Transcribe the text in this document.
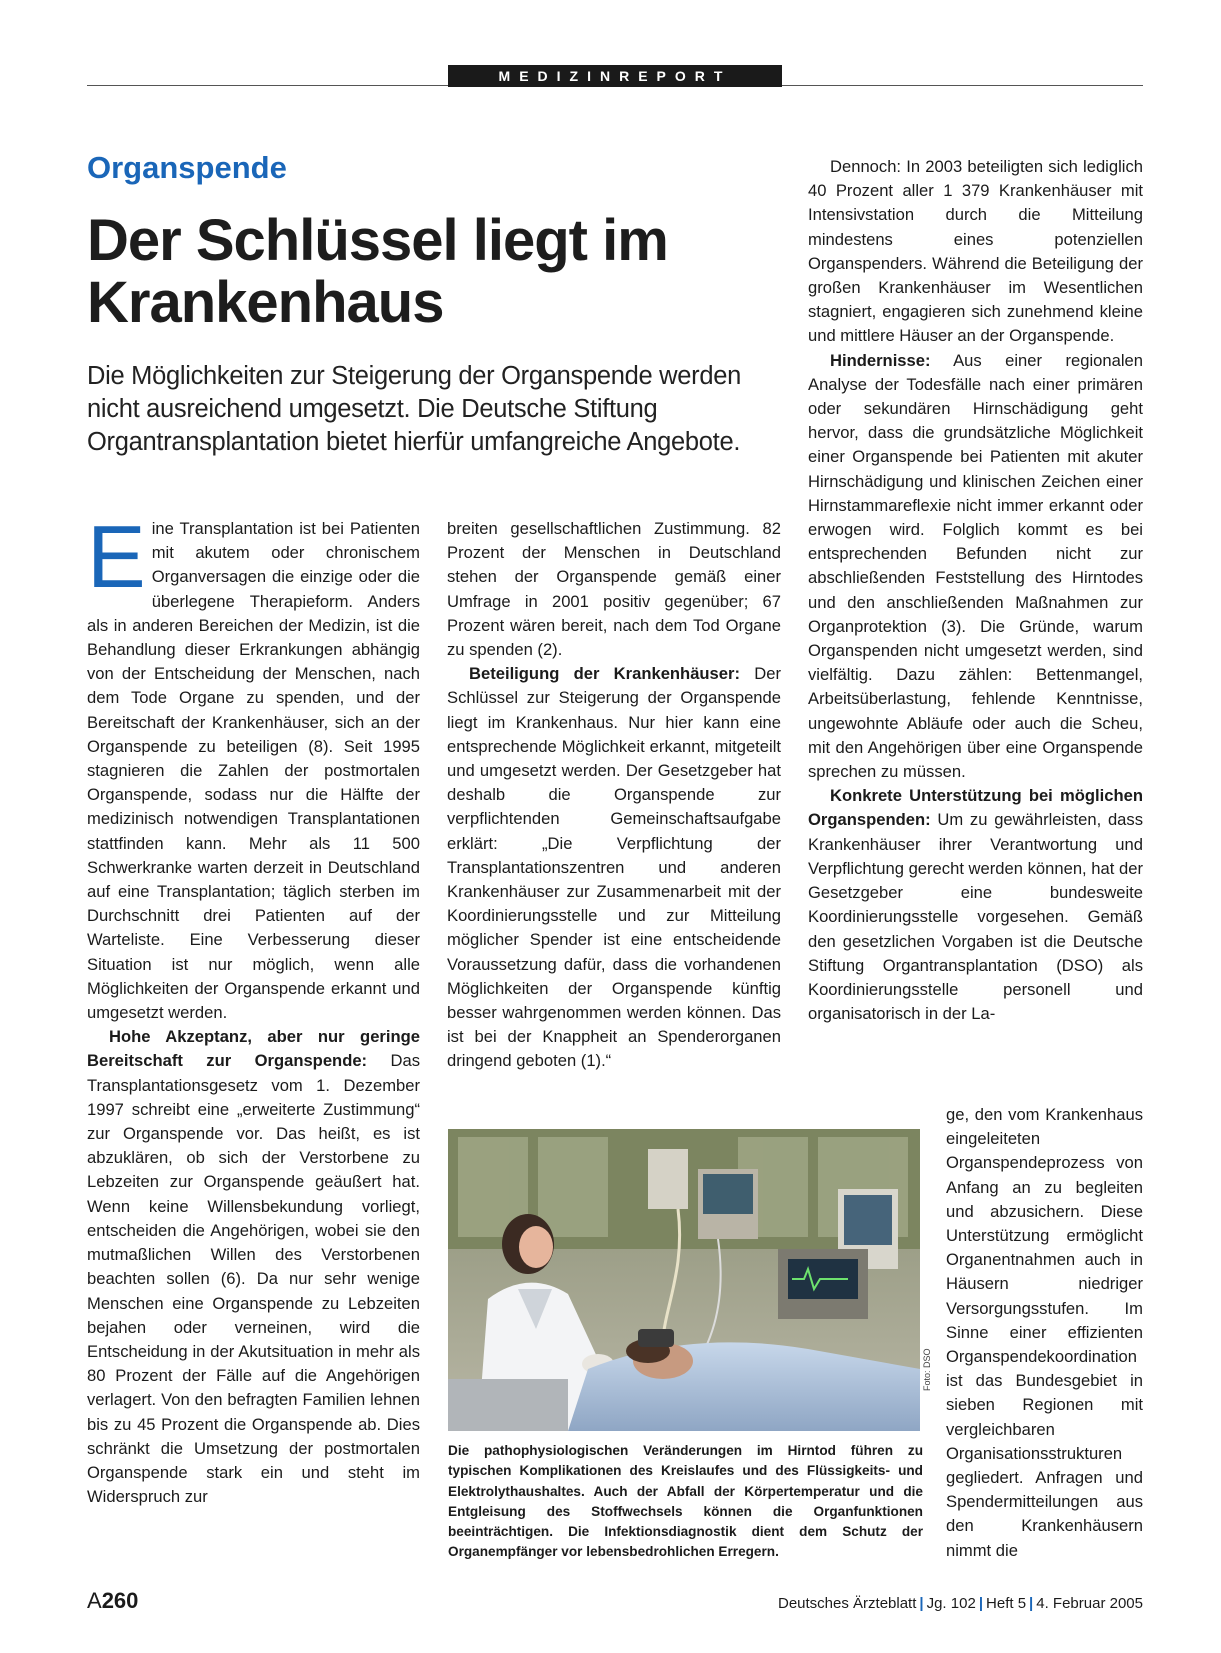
MEDIZINREPORT
Organspende
Der Schlüssel liegt im Krankenhaus
Die Möglichkeiten zur Steigerung der Organspende werden nicht ausreichend umgesetzt. Die Deutsche Stiftung Organtransplantation bietet hierfür umfangreiche Angebote.

Eine Transplantation ist bei Patienten mit akutem oder chronischem Organversagen die einzige oder die überlegene Therapieform. Anders als in anderen Bereichen der Medizin, ist die Behandlung dieser Erkrankungen abhängig von der Entscheidung der Menschen, nach dem Tode Organe zu spenden, und der Bereitschaft der Krankenhäuser, sich an der Organspende zu beteiligen (8). Seit 1995 stagnieren die Zahlen der postmortalen Organspende, sodass nur die Hälfte der medizinisch notwendigen Transplantationen stattfinden kann. Mehr als 11 500 Schwerkranke warten derzeit in Deutschland auf eine Transplantation; täglich sterben im Durchschnitt drei Patienten auf der Warteliste. Eine Verbesserung dieser Situation ist nur möglich, wenn alle Möglichkeiten der Organspende erkannt und umgesetzt werden.

Hohe Akzeptanz, aber nur geringe Bereitschaft zur Organspende: Das Transplantationsgesetz vom 1. Dezember 1997 schreibt eine „erweiterte Zustimmung“ zur Organspende vor. Das heißt, es ist abzuklären, ob sich der Verstorbene zu Lebzeiten zur Organspende geäußert hat. Wenn keine Willensbekundung vorliegt, entscheiden die Angehörigen, wobei sie den mutmaßlichen Willen des Verstorbenen beachten sollen (6). Da nur sehr wenige Menschen eine Organspende zu Lebzeiten bejahen oder verneinen, wird die Entscheidung in der Akutsituation in mehr als 80 Prozent der Fälle auf die Angehörigen verlagert. Von den befragten Familien lehnen bis zu 45 Prozent die Organspende ab. Dies schränkt die Umsetzung der postmortalen Organspende stark ein und steht im Widerspruch zur

breiten gesellschaftlichen Zustimmung. 82 Prozent der Menschen in Deutschland stehen der Organspende gemäß einer Umfrage in 2001 positiv gegenüber; 67 Prozent wären bereit, nach dem Tod Organe zu spenden (2).

Beteiligung der Krankenhäuser: Der Schlüssel zur Steigerung der Organspende liegt im Krankenhaus. Nur hier kann eine entsprechende Möglichkeit erkannt, mitgeteilt und umgesetzt werden. Der Gesetzgeber hat deshalb die Organspende zur verpflichtenden Gemeinschaftsaufgabe erklärt: „Die Verpflichtung der Transplantationszentren und anderen Krankenhäuser zur Zusammenarbeit mit der Koordinierungsstelle und zur Mitteilung möglicher Spender ist eine entscheidende Voraussetzung dafür, dass die vorhandenen Möglichkeiten der Organspende künftig besser wahrgenommen werden können. Das ist bei der Knappheit an Spenderorganen dringend geboten (1).“

Dennoch: In 2003 beteiligten sich lediglich 40 Prozent aller 1 379 Krankenhäuser mit Intensivstation durch die Mitteilung mindestens eines potenziellen Organspenders. Während die Beteiligung der großen Krankenhäuser im Wesentlichen stagniert, engagieren sich zunehmend kleine und mittlere Häuser an der Organspende.

Hindernisse: Aus einer regionalen Analyse der Todesfälle nach einer primären oder sekundären Hirnschädigung geht hervor, dass die grundsätzliche Möglichkeit einer Organspende bei Patienten mit akuter Hirnschädigung und klinischen Zeichen einer Hirnstammareflexie nicht immer erkannt oder erwogen wird. Folglich kommt es bei entsprechenden Befunden nicht zur abschließenden Feststellung des Hirntodes und den anschließenden Maßnahmen zur Organprotektion (3). Die Gründe, warum Organspenden nicht umgesetzt werden, sind vielfältig. Dazu zählen: Bettenmangel, Arbeitsüberlastung, fehlende Kenntnisse, ungewohnte Abläufe oder auch die Scheu, mit den Angehörigen über eine Organspende sprechen zu müssen.

Konkrete Unterstützung bei möglichen Organspenden: Um zu gewährleisten, dass Krankenhäuser ihrer Verantwortung und Verpflichtung gerecht werden können, hat der Gesetzgeber eine bundesweite Koordinierungsstelle vorgesehen. Gemäß den gesetzlichen Vorgaben ist die Deutsche Stiftung Organtransplantation (DSO) als Koordinierungsstelle personell und organisatorisch in der La-

ge, den vom Krankenhaus eingeleiteten Organspendeprozess von Anfang an zu begleiten und abzusichern. Diese Unterstützung ermöglicht Organentnahmen auch in Häusern niedriger Versorgungsstufen. Im Sinne einer effizienten Organspendekoordination ist das Bundesgebiet in sieben Regionen mit vergleichbaren Organisationsstrukturen gegliedert. Anfragen und Spendermitteilungen aus den Krankenhäusern nimmt die

Foto: DSO
Die pathophysiologischen Veränderungen im Hirntod führen zu typischen Komplikationen des Kreislaufes und des Flüssigkeits- und Elektrolythaushaltes. Auch der Abfall der Körpertemperatur und die Entgleisung des Stoffwechsels können die Organfunktionen beeinträchtigen. Die Infektionsdiagnostik dient dem Schutz der Organempfänger vor lebensbedrohlichen Erregern.
A260	Deutsches Ärzteblatt | Jg. 102 | Heft 5 | 4. Februar 2005
